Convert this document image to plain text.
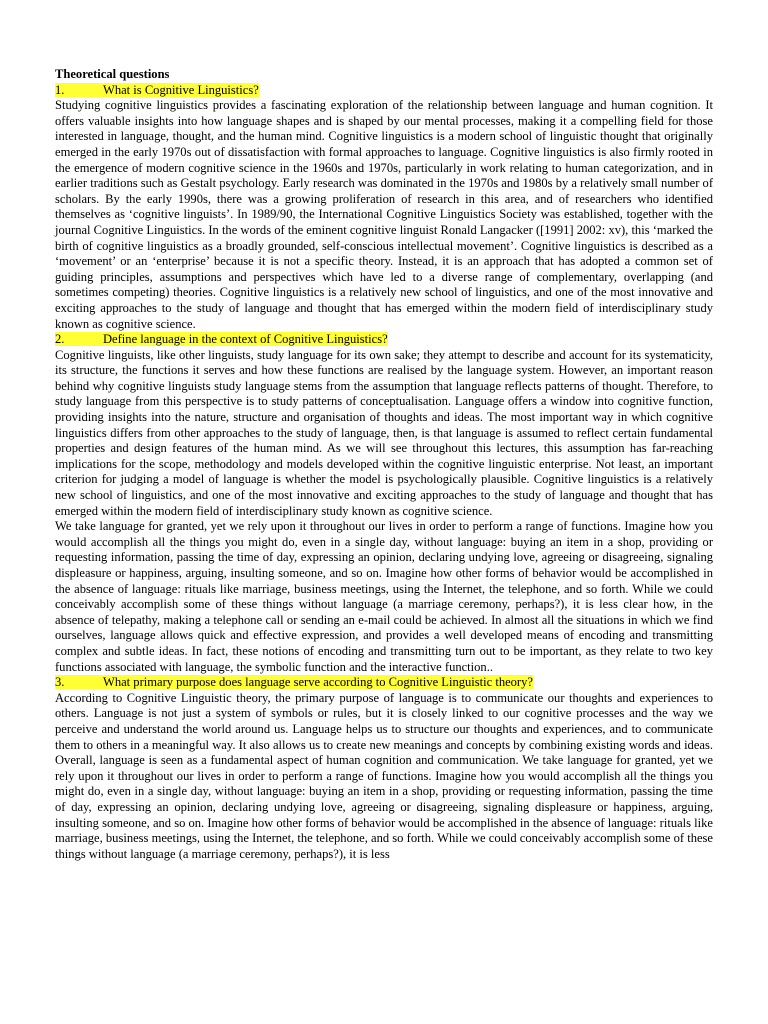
Theoretical questions

1.	What is Cognitive Linguistics?

Studying cognitive linguistics provides a fascinating exploration of the relationship between language and human cognition. It offers valuable insights into how language shapes and is shaped by our mental processes, making it a compelling field for those interested in language, thought, and the human mind. Cognitive linguistics is a modern school of linguistic thought that originally emerged in the early 1970s out of dissatisfaction with formal approaches to language. Cognitive linguistics is also firmly rooted in the emergence of modern cognitive science in the 1960s and 1970s, particularly in work relating to human categorization, and in earlier traditions such as Gestalt psychology. Early research was dominated in the 1970s and 1980s by a relatively small number of scholars. By the early 1990s, there was a growing proliferation of research in this area, and of researchers who identified themselves as ‘cognitive linguists’. In 1989/90, the International Cognitive Linguistics Society was established, together with the journal Cognitive Linguistics. In the words of the eminent cognitive linguist Ronald Langacker ([1991] 2002: xv), this ‘marked the birth of cognitive linguistics as a broadly grounded, self-conscious intellectual movement’. Cognitive linguistics is described as a ‘movement’ or an ‘enterprise’ because it is not a specific theory. Instead, it is an approach that has adopted a common set of guiding principles, assumptions and perspectives which have led to a diverse range of complementary, overlapping (and sometimes competing) theories. Cognitive linguistics is a relatively new school of linguistics, and one of the most innovative and exciting approaches to the study of language and thought that has emerged within the modern field of interdisciplinary study known as cognitive science.

2.	Define language in the context of Cognitive Linguistics?

Cognitive linguists, like other linguists, study language for its own sake; they attempt to describe and account for its systematicity, its structure, the functions it serves and how these functions are realised by the language system. However, an important reason behind why cognitive linguists study language stems from the assumption that language reflects patterns of thought. Therefore, to study language from this perspective is to study patterns of conceptualisation. Language offers a window into cognitive function, providing insights into the nature, structure and organisation of thoughts and ideas. The most important way in which cognitive linguistics differs from other approaches to the study of language, then, is that language is assumed to reflect certain fundamental properties and design features of the human mind. As we will see throughout this lectures, this assumption has far-reaching implications for the scope, methodology and models developed within the cognitive linguistic enterprise. Not least, an important criterion for judging a model of language is whether the model is psychologically plausible. Cognitive linguistics is a relatively new school of linguistics, and one of the most innovative and exciting approaches to the study of language and thought that has emerged within the modern field of interdisciplinary study known as cognitive science.

We take language for granted, yet we rely upon it throughout our lives in order to perform a range of functions. Imagine how you would accomplish all the things you might do, even in a single day, without language: buying an item in a shop, providing or requesting information, passing the time of day, expressing an opinion, declaring undying love, agreeing or disagreeing, signaling displeasure or happiness, arguing, insulting someone, and so on. Imagine how other forms of behavior would be accomplished in the absence of language: rituals like marriage, business meetings, using the Internet, the telephone, and so forth. While we could conceivably accomplish some of these things without language (a marriage ceremony, perhaps?), it is less clear how, in the absence of telepathy, making a telephone call or sending an e-mail could be achieved. In almost all the situations in which we find ourselves, language allows quick and effective expression, and provides a well developed means of encoding and transmitting complex and subtle ideas. In fact, these notions of encoding and transmitting turn out to be important, as they relate to two key functions associated with language, the symbolic function and the interactive function..

3.	What primary purpose does language serve according to Cognitive Linguistic theory?

According to Cognitive Linguistic theory, the primary purpose of language is to communicate our thoughts and experiences to others. Language is not just a system of symbols or rules, but it is closely linked to our cognitive processes and the way we perceive and understand the world around us. Language helps us to structure our thoughts and experiences, and to communicate them to others in a meaningful way. It also allows us to create new meanings and concepts by combining existing words and ideas. Overall, language is seen as a fundamental aspect of human cognition and communication. We take language for granted, yet we rely upon it throughout our lives in order to perform a range of functions. Imagine how you would accomplish all the things you might do, even in a single day, without language: buying an item in a shop, providing or requesting information, passing the time of day, expressing an opinion, declaring undying love, agreeing or disagreeing, signaling displeasure or happiness, arguing, insulting someone, and so on. Imagine how other forms of behavior would be accomplished in the absence of language: rituals like marriage, business meetings, using the Internet, the telephone, and so forth. While we could conceivably accomplish some of these things without language (a marriage ceremony, perhaps?), it is less
